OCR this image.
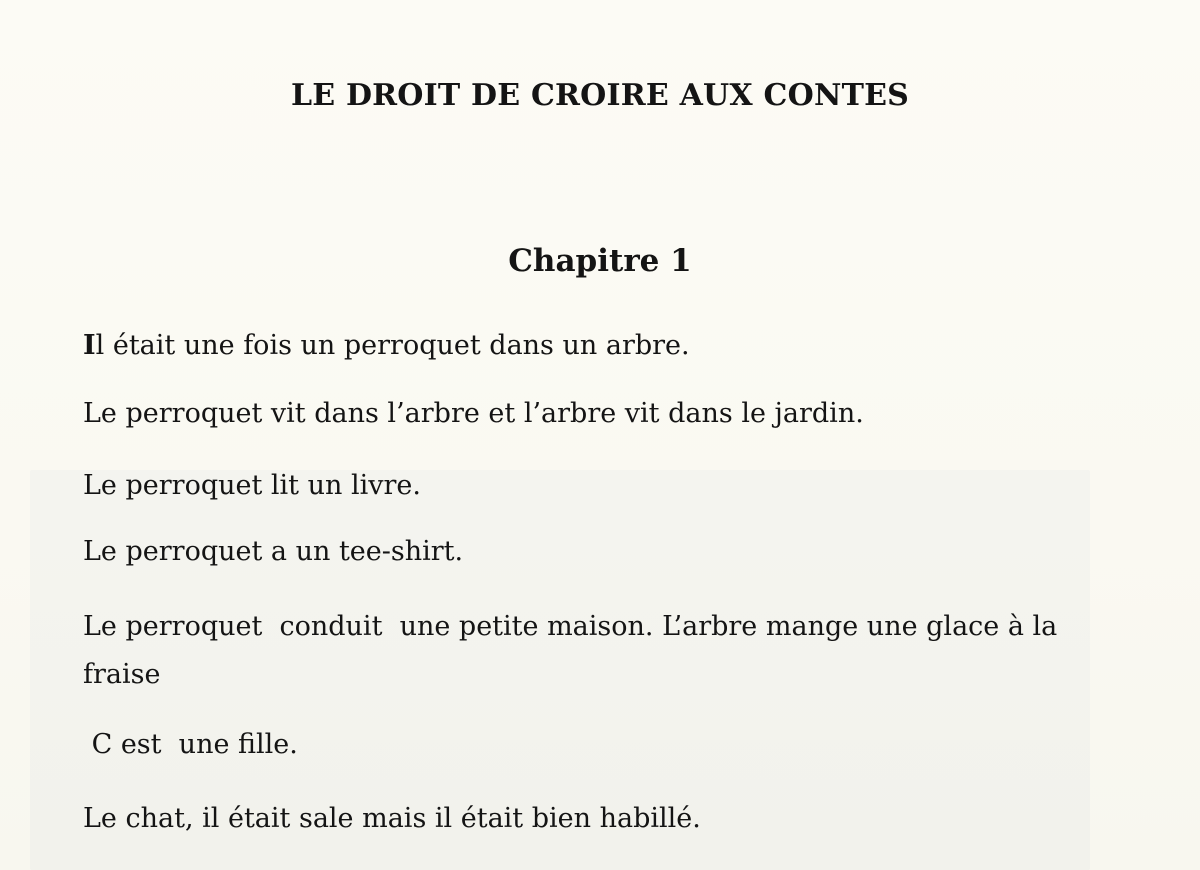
LE DROIT DE CROIRE AUX CONTES
Chapitre 1

Il était une fois un perroquet dans un arbre.

Le perroquet vit dans l’arbre et l’arbre vit dans le jardin.

Le perroquet lit un livre.

Le perroquet a un tee-shirt.

Le perroquet  conduit  une petite maison. L’arbre mange une glace à la fraise

C est  une fille.

Le chat, il était sale mais il était bien habillé.
